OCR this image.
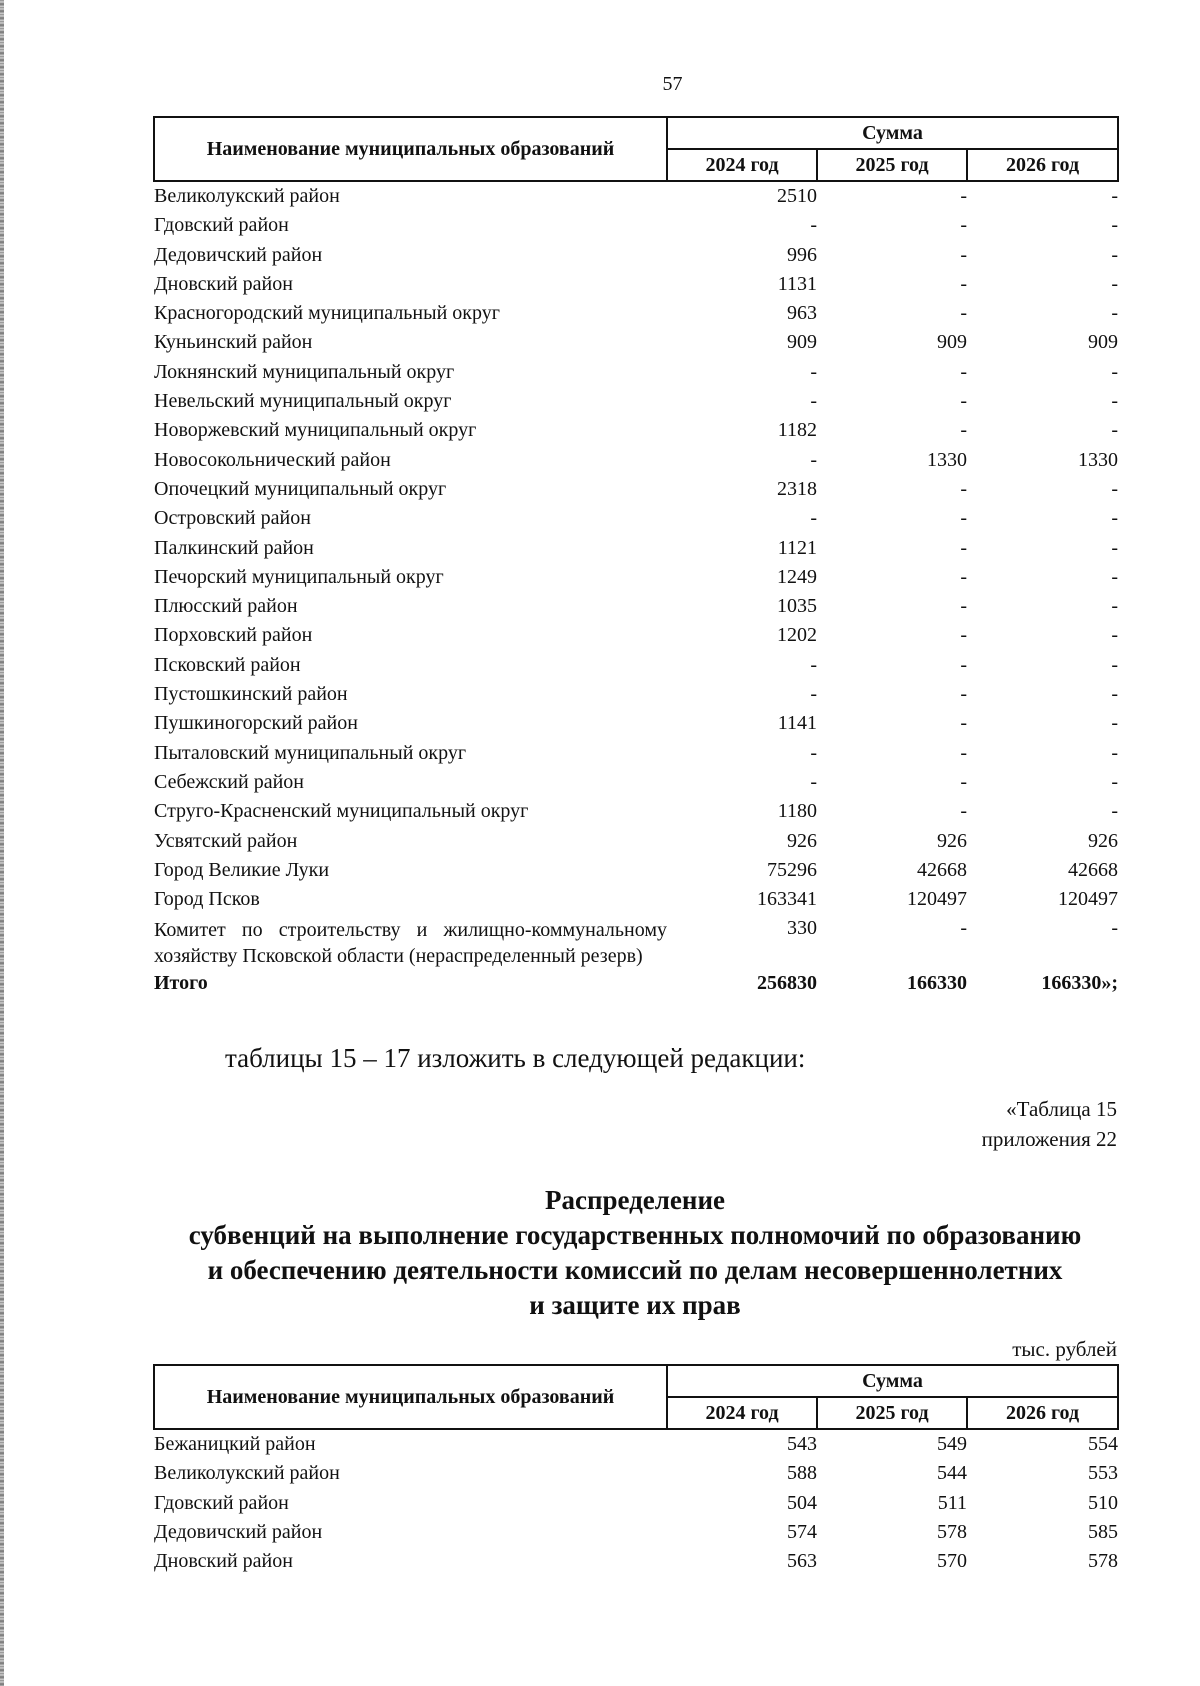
57
Наименование муниципальных образований	Сумма		
	2024 год	2025 год	2026 год
Великолукский район	2510	-	-
Гдовский район	-	-	-
Дедовичский район	996	-	-
Дновский район	1131	-	-
Красногородский муниципальный округ	963	-	-
Куньинский район	909	909	909
Локнянский муниципальный округ	-	-	-
Невельский муниципальный округ	-	-	-
Новоржевский муниципальный округ	1182	-	-
Новосокольнический район	-	1330	1330
Опочецкий муниципальный округ	2318	-	-
Островский район	-	-	-
Палкинский район	1121	-	-
Печорский муниципальный округ	1249	-	-
Плюсский район	1035	-	-
Порховский район	1202	-	-
Псковский район	-	-	-
Пустошкинский район	-	-	-
Пушкиногорский район	1141	-	-
Пыталовский муниципальный округ	-	-	-
Себежский район	-	-	-
Струго-Красненский муниципальный округ	1180	-	-
Усвятский район	926	926	926
Город Великие Луки	75296	42668	42668
Город Псков	163341	120497	120497
Комитет по строительству и жилищно-коммунальному хозяйству Псковской области (нераспределенный резерв)	330	-	-
Итого	256830	166330	166330»;
таблицы 15 – 17 изложить в следующей редакции:
«Таблица 15
приложения 22
Распределение
субвенций на выполнение государственных полномочий по образованию
и обеспечению деятельности комиссий по делам несовершеннолетних
и защите их прав
тыс. рублей
Наименование муниципальных образований	Сумма		
	2024 год	2025 год	2026 год
Бежаницкий район	543	549	554
Великолукский район	588	544	553
Гдовский район	504	511	510
Дедовичский район	574	578	585
Дновский район	563	570	578
